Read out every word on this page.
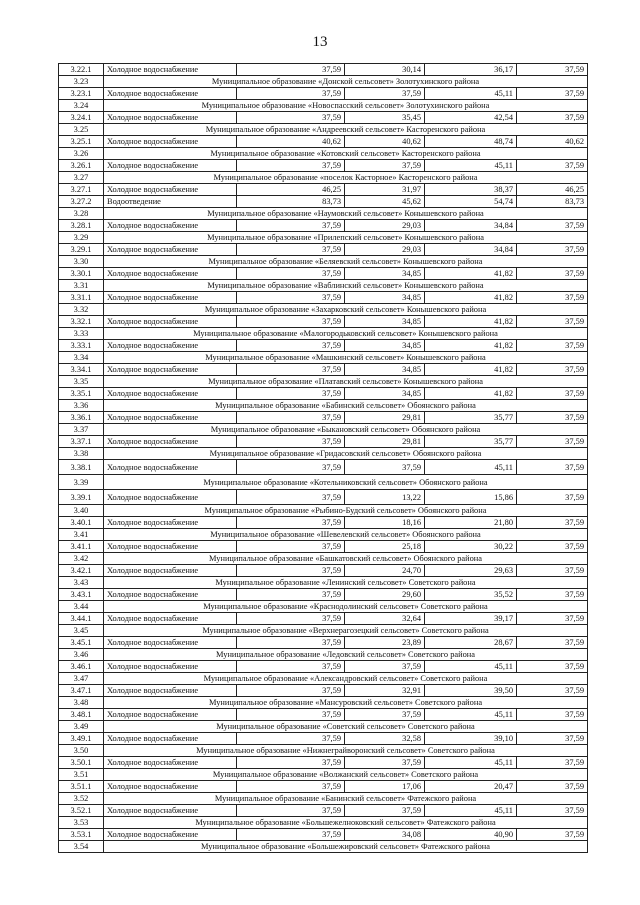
13
3.22.1	Холодное водоснабжение	37,59	30,14	36,17	37,59
3.23	Муниципальное образование «Донской сельсовет» Золотухинского района				
3.23.1	Холодное водоснабжение	37,59	37,59	45,11	37,59
3.24	Муниципальное образование «Новоспасский сельсовет» Золотухинского района				
3.24.1	Холодное водоснабжение	37,59	35,45	42,54	37,59
3.25	Муниципальное образование «Андреевский сельсовет» Касторенского района				
3.25.1	Холодное водоснабжение	40,62	40,62	48,74	40,62
3.26	Муниципальное образование «Котовский сельсовет» Касторенского района				
3.26.1	Холодное водоснабжение	37,59	37,59	45,11	37,59
3.27	Муниципальное образование «поселок Касторное» Касторенского района				
3.27.1	Холодное водоснабжение	46,25	31,97	38,37	46,25
3.27.2	Водоотведение	83,73	45,62	54,74	83,73
3.28	Муниципальное образование «Наумовский сельсовет» Конышевского района				
3.28.1	Холодное водоснабжение	37,59	29,03	34,84	37,59
3.29	Муниципальное образование «Прилепский сельсовет» Конышевского района				
3.29.1	Холодное водоснабжение	37,59	29,03	34,84	37,59
3.30	Муниципальное образование «Беляевский сельсовет» Конышевского района				
3.30.1	Холодное водоснабжение	37,59	34,85	41,82	37,59
3.31	Муниципальное образование «Ваблинский сельсовет» Конышевского района				
3.31.1	Холодное водоснабжение	37,59	34,85	41,82	37,59
3.32	Муниципальное образование «Захарковский сельсовет» Конышевского района				
3.32.1	Холодное водоснабжение	37,59	34,85	41,82	37,59
3.33	Муниципальное образование «Малогородьковский сельсовет» Конышевского района				
3.33.1	Холодное водоснабжение	37,59	34,85	41,82	37,59
3.34	Муниципальное образование «Машкинский сельсовет» Конышевского района				
3.34.1	Холодное водоснабжение	37,59	34,85	41,82	37,59
3.35	Муниципальное образование «Платавский сельсовет» Конышевского района				
3.35.1	Холодное водоснабжение	37,59	34,85	41,82	37,59
3.36	Муниципальное образование «Бабинский сельсовет» Обоянского района				
3.36.1	Холодное водоснабжение	37,59	29,81	35,77	37,59
3.37	Муниципальное образование «Быкановский сельсовет» Обоянского района				
3.37.1	Холодное водоснабжение	37,59	29,81	35,77	37,59
3.38	Муниципальное образование «Гридасовский сельсовет» Обоянского района				
3.38.1	Холодное водоснабжение	37,59	37,59	45,11	37,59
3.39	Муниципальное образование «Котельниковский сельсовет» Обоянского района				
3.39.1	Холодное водоснабжение	37,59	13,22	15,86	37,59
3.40	Муниципальное образование «Рыбино-Будский сельсовет» Обоянского района				
3.40.1	Холодное водоснабжение	37,59	18,16	21,80	37,59
3.41	Муниципальное образование «Шевелевский сельсовет» Обоянского района				
3.41.1	Холодное водоснабжение	37,59	25,18	30,22	37,59
3.42	Муниципальное образование «Башкатовский сельсовет» Обоянского района				
3.42.1	Холодное водоснабжение	37,59	24,70	29,63	37,59
3.43	Муниципальное образование «Ленинский сельсовет» Советского района				
3.43.1	Холодное водоснабжение	37,59	29,60	35,52	37,59
3.44	Муниципальное образование «Краснодолинский сельсовет» Советского района				
3.44.1	Холодное водоснабжение	37,59	32,64	39,17	37,59
3.45	Муниципальное образование «Верхнерагозецкий сельсовет» Советского района				
3.45.1	Холодное водоснабжение	37,59	23,89	28,67	37,59
3.46	Муниципальное образование «Ледовский сельсовет» Советского района				
3.46.1	Холодное водоснабжение	37,59	37,59	45,11	37,59
3.47	Муниципальное образование «Александровский сельсовет» Советского района				
3.47.1	Холодное водоснабжение	37,59	32,91	39,50	37,59
3.48	Муниципальное образование «Мансуровский сельсовет» Советского района				
3.48.1	Холодное водоснабжение	37,59	37,59	45,11	37,59
3.49	Муниципальное образование «Советский сельсовет» Советского района				
3.49.1	Холодное водоснабжение	37,59	32,58	39,10	37,59
3.50	Муниципальное образование «Нижнеграйворонский сельсовет» Советского района				
3.50.1	Холодное водоснабжение	37,59	37,59	45,11	37,59
3.51	Муниципальное образование «Волжанский сельсовет» Советского района				
3.51.1	Холодное водоснабжение	37,59	17,06	20,47	37,59
3.52	Муниципальное образование «Банинский сельсовет» Фатежского района				
3.52.1	Холодное водоснабжение	37,59	37,59	45,11	37,59
3.53	Муниципальное образование «Большежелноковский сельсовет» Фатежского района				
3.53.1	Холодное водоснабжение	37,59	34,08	40,90	37,59
3.54	Муниципальное образование «Большежировский сельсовет» Фатежского района				
